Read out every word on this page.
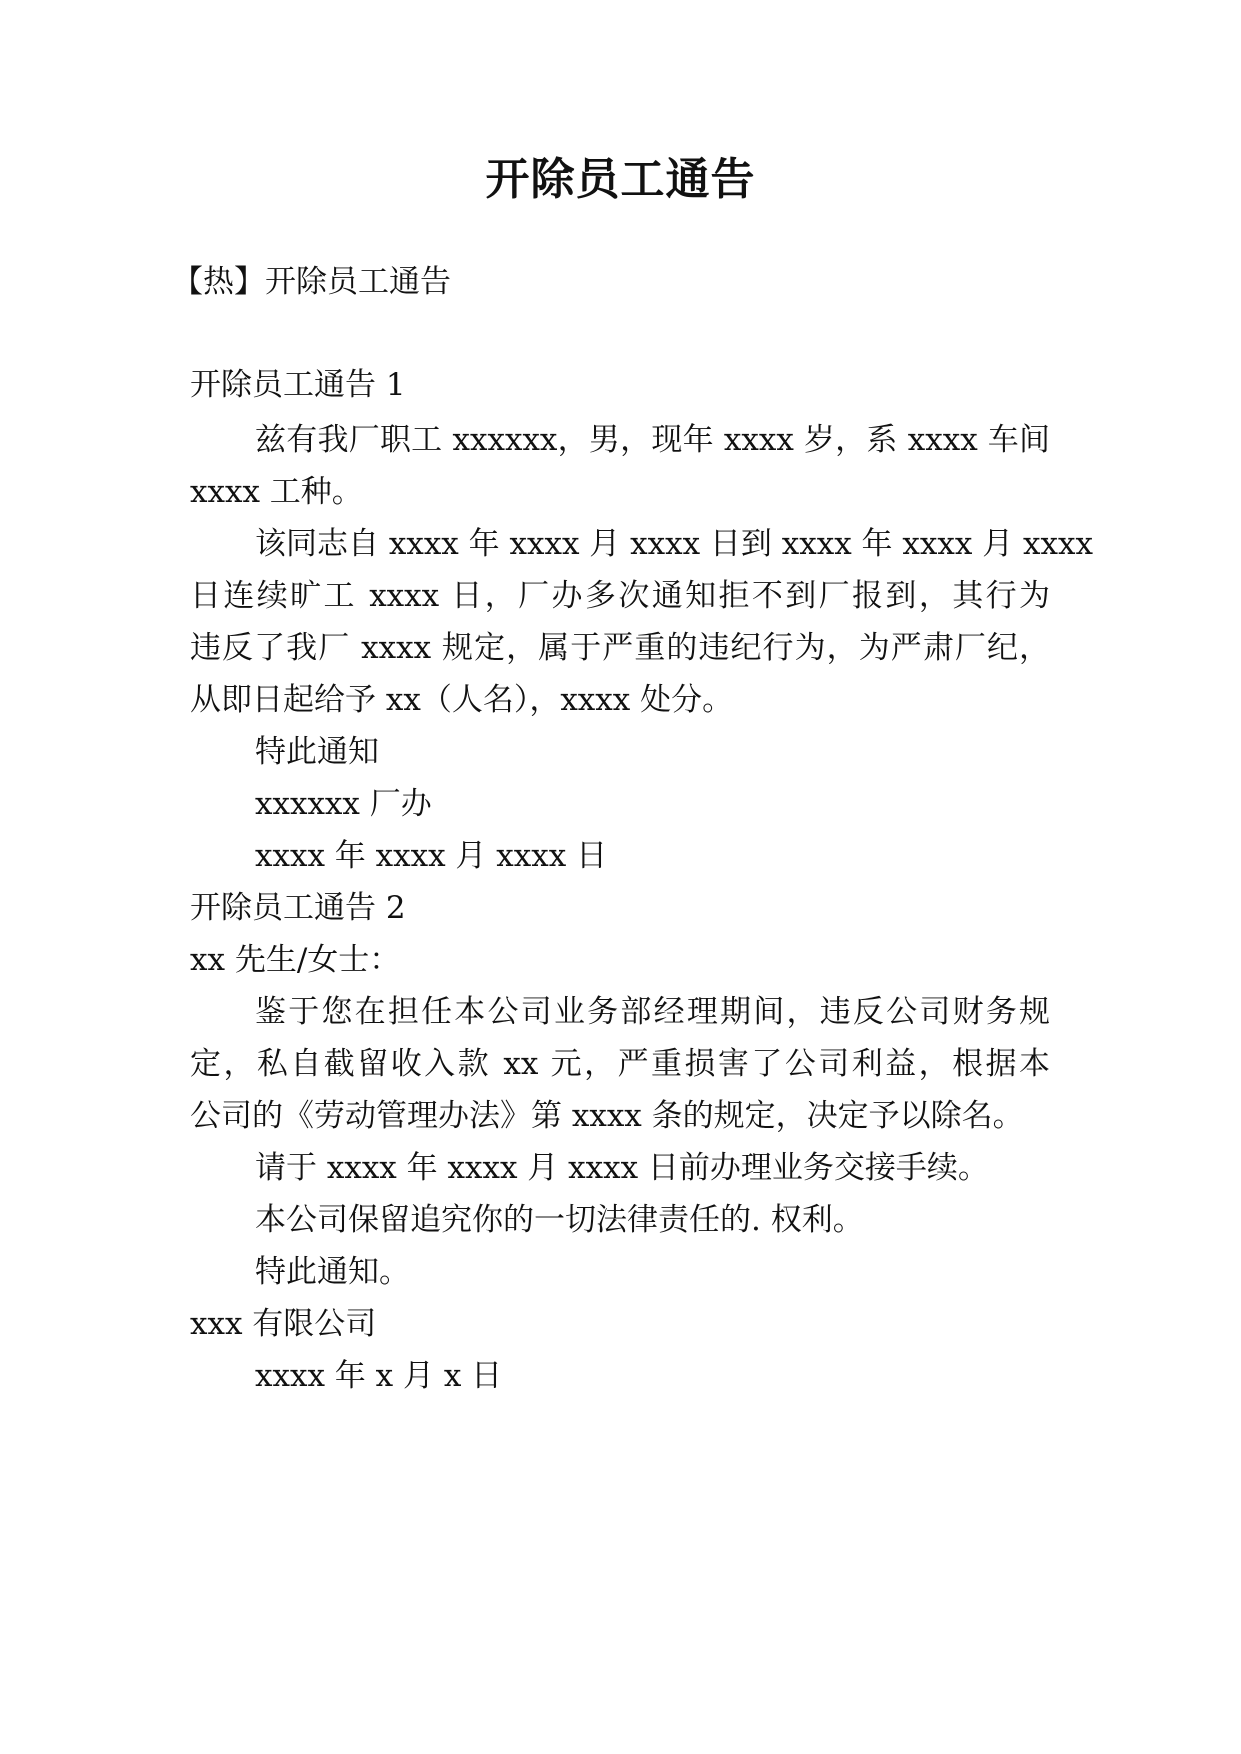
开除员工通告

【热】开除员工通告

开除员工通告 1

兹有我厂职工 xxxxxx，男，现年 xxxx 岁，系 xxxx 车间

xxxx 工种。

该同志自 xxxx 年 xxxx 月 xxxx 日到 xxxx 年 xxxx 月 xxxx

日连续旷工 xxxx 日，厂办多次通知拒不到厂报到，其行为

违反了我厂 xxxx 规定，属于严重的违纪行为，为严肃厂纪，

从即日起给予 xx（人名），xxxx 处分。

特此通知

xxxxxx 厂办

xxxx 年 xxxx 月 xxxx 日

开除员工通告 2

xx 先生/女士：

鉴于您在担任本公司业务部经理期间，违反公司财务规

定，私自截留收入款 xx 元，严重损害了公司利益，根据本

公司的《劳动管理办法》第 xxxx 条的规定，决定予以除名。

请于 xxxx 年 xxxx 月 xxxx 日前办理业务交接手续。

本公司保留追究你的一切法律责任的. 权利。

特此通知。

xxx 有限公司

xxxx 年 x 月 x 日
